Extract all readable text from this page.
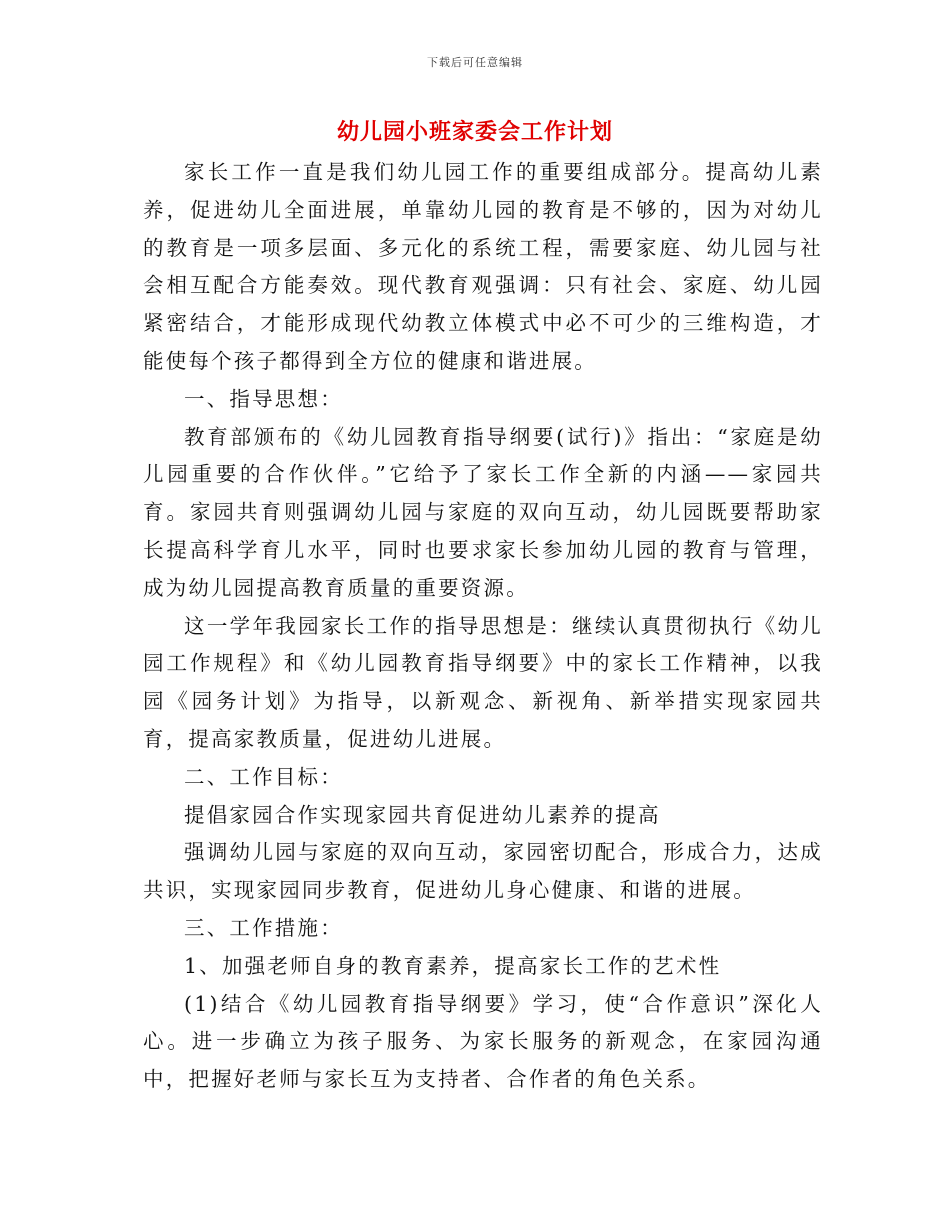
下载后可任意编辑
幼儿园小班家委会工作计划

家长工作一直是我们幼儿园工作的重要组成部分。提高幼儿素养，促进幼儿全面进展，单靠幼儿园的教育是不够的，因为对幼儿的教育是一项多层面、多元化的系统工程，需要家庭、幼儿园与社会相互配合方能奏效。现代教育观强调：只有社会、家庭、幼儿园紧密结合，才能形成现代幼教立体模式中必不可少的三维构造，才能使每个孩子都得到全方位的健康和谐进展。

一、指导思想：

教育部颁布的《幼儿园教育指导纲要(试行)》指出：“家庭是幼儿园重要的合作伙伴。”它给予了家长工作全新的内涵——家园共育。家园共育则强调幼儿园与家庭的双向互动，幼儿园既要帮助家长提高科学育儿水平，同时也要求家长参加幼儿园的教育与管理，成为幼儿园提高教育质量的重要资源。

这一学年我园家长工作的指导思想是：继续认真贯彻执行《幼儿园工作规程》和《幼儿园教育指导纲要》中的家长工作精神，以我园《园务计划》为指导，以新观念、新视角、新举措实现家园共育，提高家教质量，促进幼儿进展。

二、工作目标：

提倡家园合作实现家园共育促进幼儿素养的提高

强调幼儿园与家庭的双向互动，家园密切配合，形成合力，达成共识，实现家园同步教育，促进幼儿身心健康、和谐的进展。

三、工作措施：

1、加强老师自身的教育素养，提高家长工作的艺术性

(1)结合《幼儿园教育指导纲要》学习，使“合作意识”深化人心。进一步确立为孩子服务、为家长服务的新观念，在家园沟通中，把握好老师与家长互为支持者、合作者的角色关系。
